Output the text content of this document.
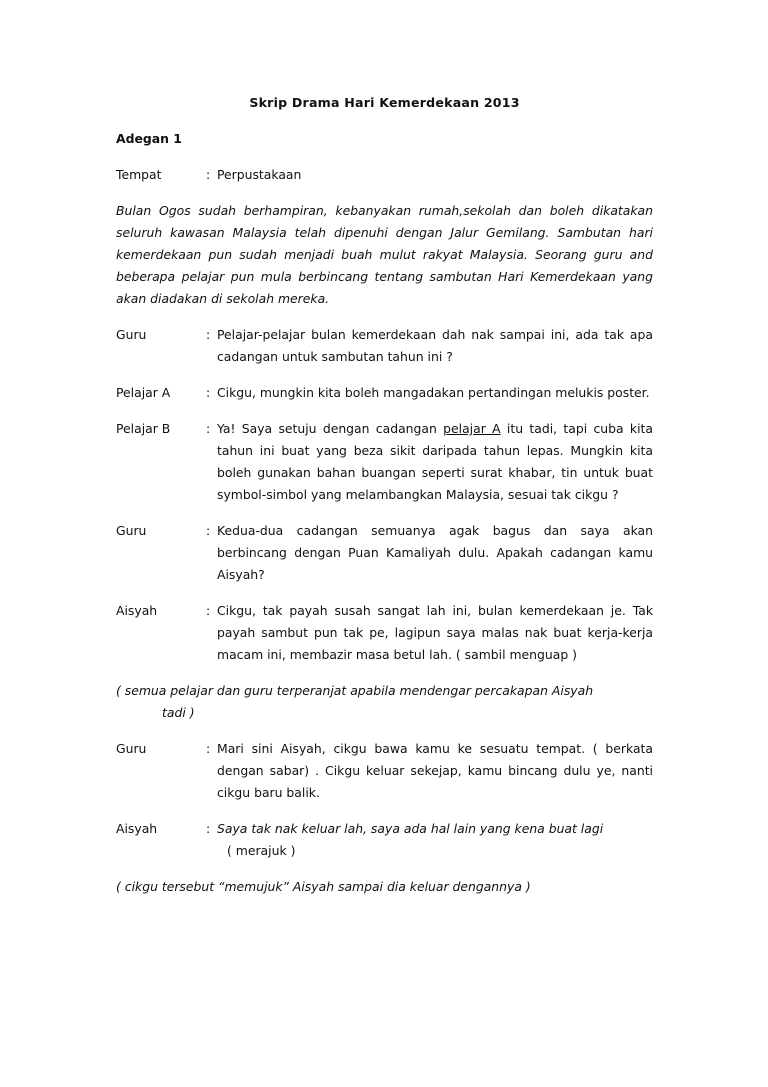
Skrip Drama Hari Kemerdekaan 2013
Adegan 1
Tempat	: Perpustakaan
Bulan Ogos sudah berhampiran, kebanyakan rumah,sekolah dan boleh dikatakan seluruh kawasan Malaysia telah dipenuhi dengan Jalur Gemilang. Sambutan hari kemerdekaan pun sudah menjadi buah mulut rakyat Malaysia. Seorang guru and beberapa pelajar pun mula berbincang tentang sambutan Hari Kemerdekaan yang akan diadakan di sekolah mereka.
Guru	: Pelajar-pelajar bulan kemerdekaan dah nak sampai ini, ada tak apa cadangan untuk sambutan tahun ini ?
Pelajar A	: Cikgu, mungkin kita boleh mangadakan pertandingan melukis poster.
Pelajar B	: Ya! Saya setuju dengan cadangan pelajar A itu tadi, tapi cuba kita tahun ini buat yang beza sikit daripada tahun lepas. Mungkin kita boleh gunakan bahan buangan seperti surat khabar, tin untuk buat symbol-simbol yang melambangkan Malaysia, sesuai tak cikgu ?
Guru	: Kedua-dua cadangan semuanya agak bagus dan saya akan berbincang dengan Puan Kamaliyah dulu. Apakah cadangan kamu Aisyah?
Aisyah	: Cikgu, tak payah susah sangat lah ini, bulan kemerdekaan je. Tak payah sambut pun tak pe, lagipun saya malas nak buat kerja-kerja macam ini, membazir masa betul lah. ( sambil menguap )
( semua pelajar dan guru terperanjat apabila mendengar percakapan Aisyah
tadi )
Guru	: Mari sini Aisyah, cikgu bawa kamu ke sesuatu tempat. ( berkata dengan sabar) . Cikgu keluar sekejap, kamu bincang dulu ye, nanti cikgu baru balik.
Aisyah	: Saya tak nak keluar lah, saya ada hal lain yang kena buat lagi
( merajuk )
( cikgu tersebut “memujuk” Aisyah sampai dia keluar dengannya )
